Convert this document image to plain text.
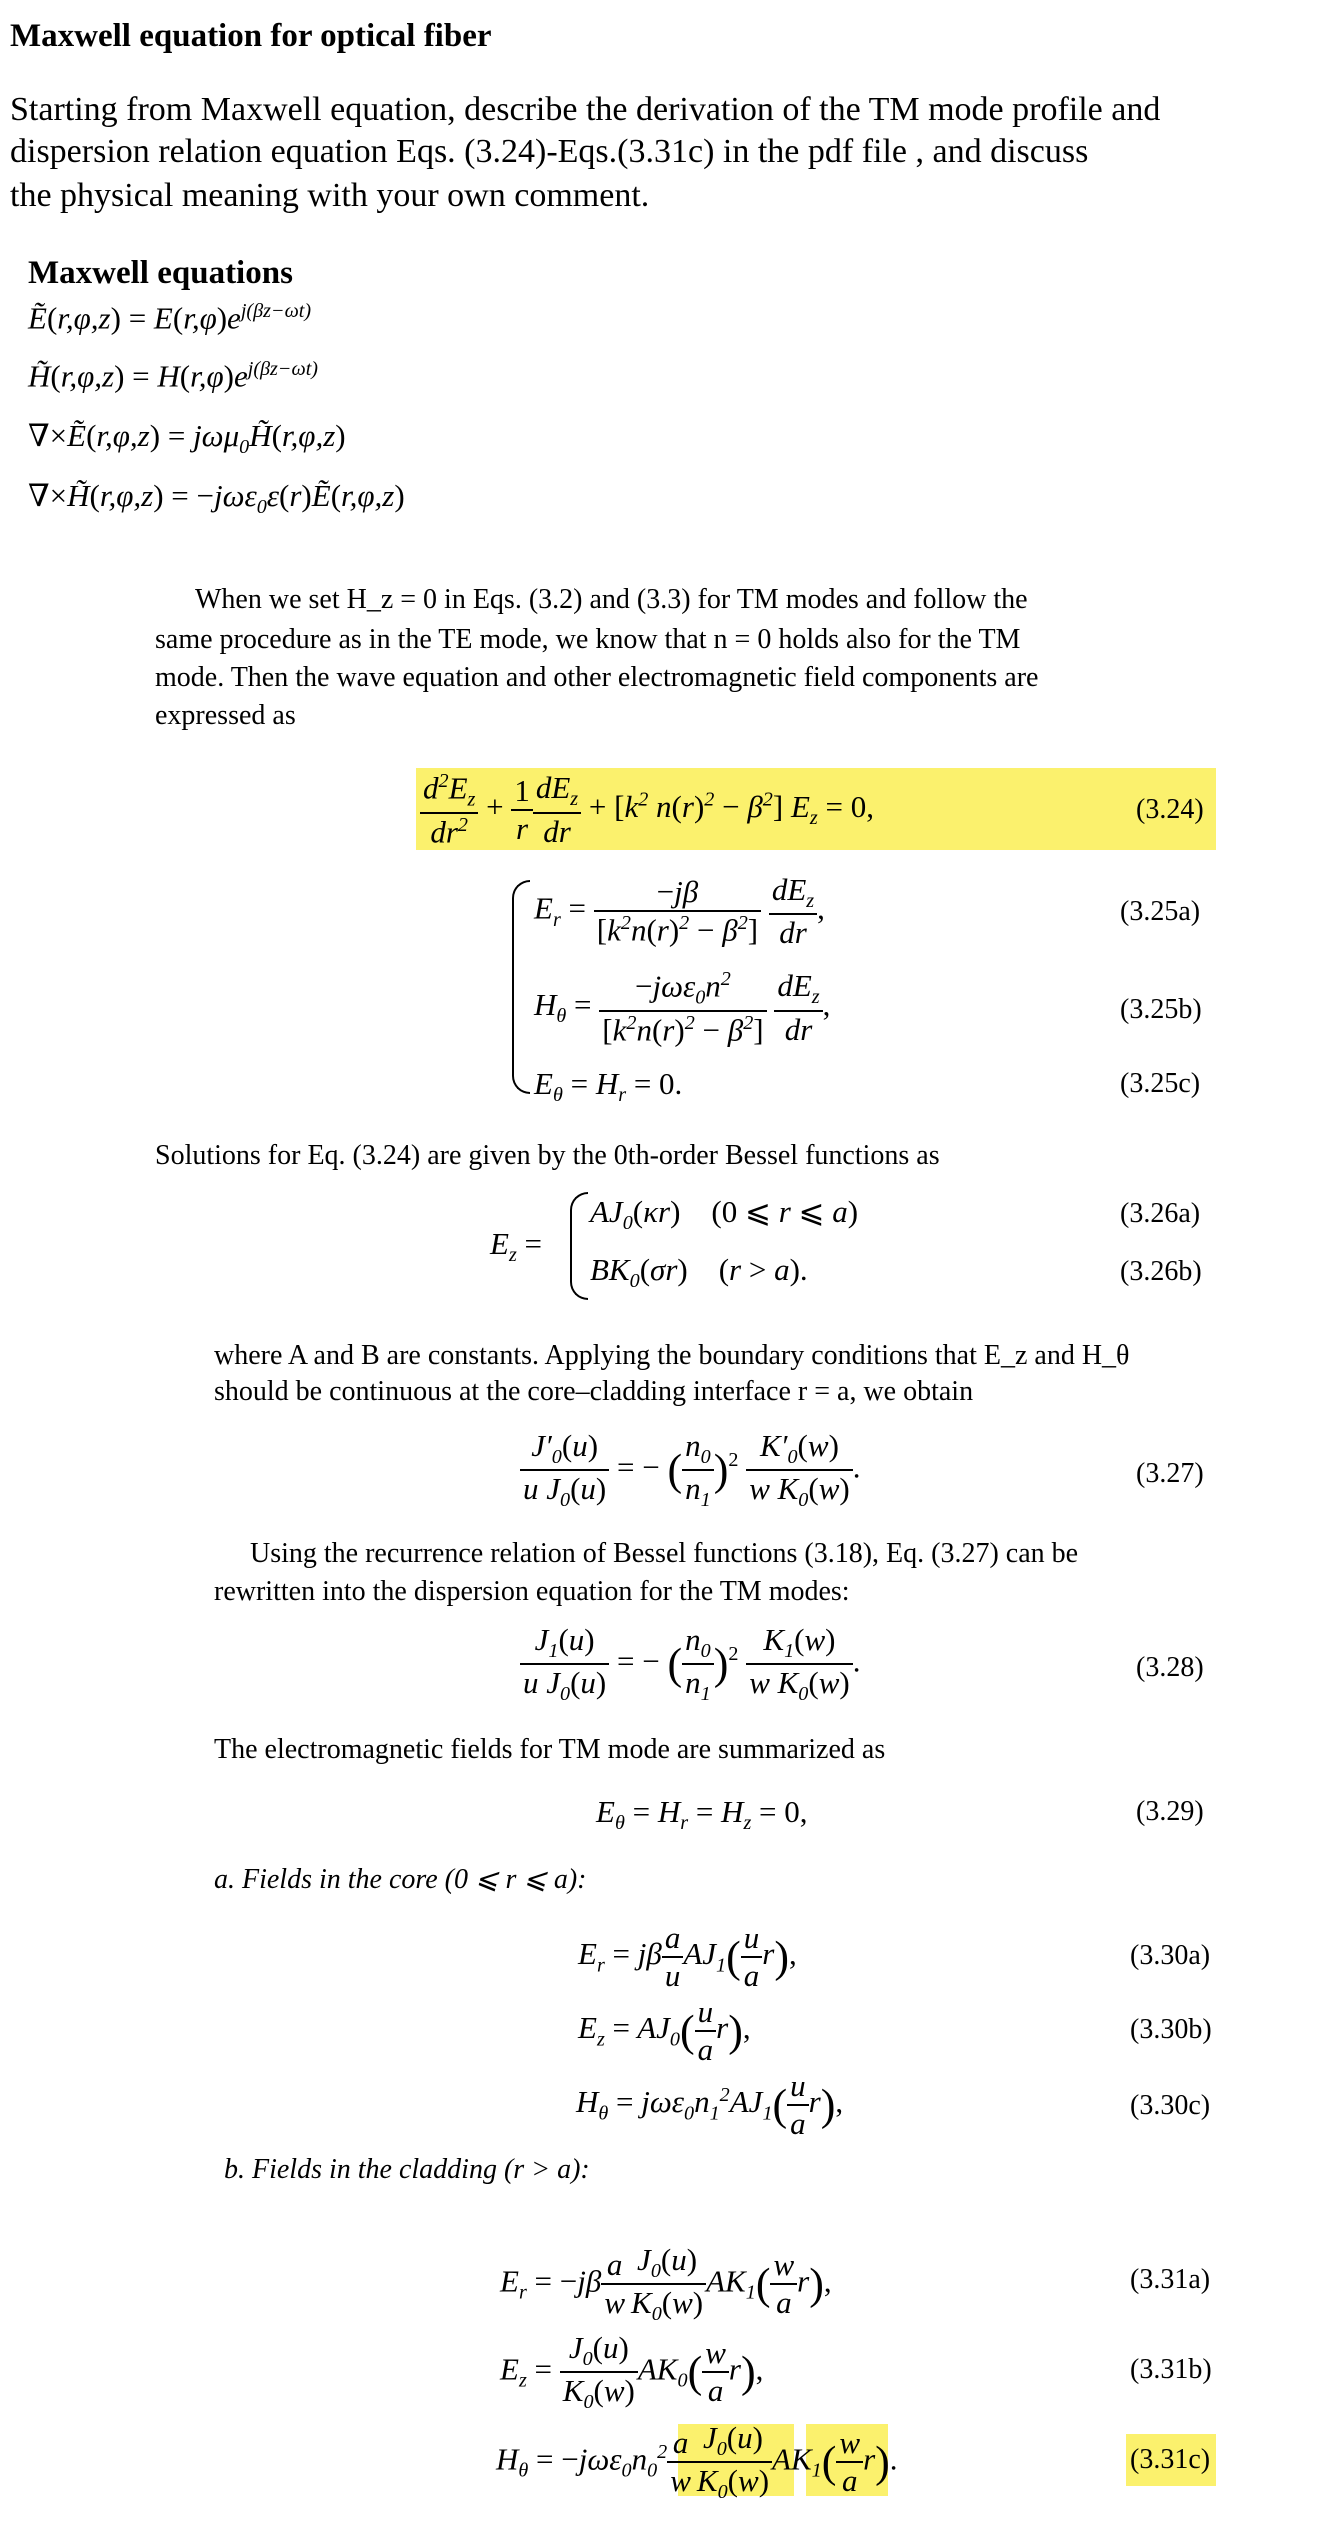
Maxwell equation for optical fiber
Starting from Maxwell equation, describe the derivation of the TM mode profile and
dispersion relation equation Eqs. (3.24)-Eqs.(3.31c) in the pdf file , and discuss
the physical meaning with your own comment.
Maxwell equations
Ẽ(r,φ,z) = $E(r,\varphi)e^{j(\beta z-\omega t)}$
H̃(r,φ,z) = $H(r,\varphi)e^{j(\beta z-\omega t)}$
∇×Ẽ(r,φ,z) = jωμ$_0$H̃(r,φ,z)
∇×H̃(r,φ,z) = −jωε$_0$ε(r)Ẽ(r,φ,z)
When we set H_z = 0 in Eqs. (3.2) and (3.3) for TM modes and follow the
same procedure as in the TE mode, we know that n = 0 holds also for the TM
mode. Then the wave equation and other electromagnetic field components are
expressed as
$\frac{d^2E_z}{dr^2} + \frac{1}{r} \frac{dE_z}{dr} + [k^2$ $n(r)^2 - \beta^2$] $E_z = 0$,	(3.24)
$E_r = \frac{-j\beta}{[k^2n(r)^2 - \beta^2]}$
$\frac{dE_z}{dr}$ ,	(3.25a)
$H_\theta = \frac{-j\omega\varepsilon_0n^2}{[k^2n(r)^2 - \beta^2]}$
$\frac{dE_z}{dr}$ ,	(3.25b)
$E_\theta = H_r = 0$.	(3.25c)
Solutions for Eq. (3.24) are given by the 0th-order Bessel functions as
$E_z$ =
$AJ_0(\kappa r)$ (0 ⩽ r ⩽ a)	(3.26a)
$BK_0(\sigma r) (r > a)$.	(3.26b)
where A and B are constants. Applying the boundary conditions that E_z and H_θ
should be continuous at the core–cladding interface r = a, we obtain
$\frac{J'_0(u)}{u J_0(u)}$ = − ( $\frac{n_0}{n_1} )^2 \frac{K'_0(w)}{w K_0(w)}$ .	(3.27)
Using the recurrence relation of Bessel functions (3.18), Eq. (3.27) can be
rewritten into the dispersion equation for the TM modes:
$\frac{J_1(u)}{u J_0(u)}$ = − ( $\frac{n_0}{n_1} )^2 \frac{K_1(w)}{w K_0(w)}$ .	(3.28)
The electromagnetic fields for TM mode are summarized as
$E_\theta = H_r = H_z = 0$,	(3.29)
a. Fields in the core (0 ⩽ r ⩽ a):
$E_r = j\beta \frac{a}{u} AJ_1( \frac{u}{a} r)$,	(3.30a)
$E_z = AJ_0( \frac{u}{a} r)$,	(3.30b)
$H_\theta = j\omega\varepsilon_0n_1^2AJ_1( \frac{u}{a} r)$,	(3.30c)
b. Fields in the cladding (r > a):
$E_r = -j\beta \frac{a}{w} \frac{J_0(u)}{K_0(w)} AK_1( \frac{w}{a} r)$,	(3.31a)
$E_z = \frac{J_0(u)}{K_0(w)} AK_0( \frac{w}{a} r)$,	(3.31b)
$H_\theta = -j\omega\varepsilon_0n_0^2 \frac{a}{w} \frac{J_0(u)}{K_0(w)} AK_1( \frac{w}{a} r)$.	(3.31c)
